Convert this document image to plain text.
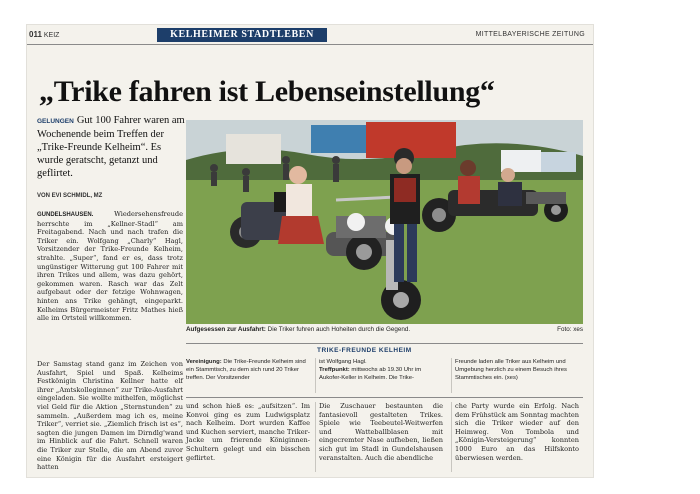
011 KEIZ	KELHEIMER STADTLEBEN	MITTELBAYERISCHE ZEITUNG
„Trike fahren ist Lebenseinstellung“
GELUNGEN Gut 100 Fahrer waren am Wochenende beim Treffen der „Trike-Freunde Kelheim“. Es wurde geratscht, getanzt und geflirtet.
VON EVI SCHMIDL, MZ
GUNDELSHAUSEN.	Wiedersehensfreude herrschte im „Kellner-Stadl“ am Freitagabend. Nach und nach trafen die Triker ein. Wolfgang „Charly“ Hagl, Vorsitzender der Trike-Freunde Kelheim, strahlte. „Super“, fand er es, dass trotz ungünstiger Witterung gut 100 Fahrer mit ihren Trikes und allem, was dazu gehört, gekommen waren. Rasch war das Zelt aufgebaut oder der fetzige Wohnwagen, hinten ans Trike gehängt, eingeparkt. Kelheims Bürgermeister Fritz Mathes hieß alle im Ortsteil willkommen.
Der Samstag stand ganz im Zeichen von Ausfahrt, Spiel und Spaß. Kelheims Festkönigin Christina Kellner hatte elf ihrer „Amtskolleginnen“ zur Trike-Ausfahrt eingeladen. Sie wollte mithelfen, möglichst viel Geld für die Aktion „Sternstunden“ zu sammeln. „Außerdem mag ich es, meine Triker“, verriet sie. „Ziemlich frisch ist es“, sagten die jungen Damen im Dirndlg'wand im Hinblick auf die Fahrt. Schnell waren die Triker zur Stelle, die am Abend zuvor eine Königin für die Ausfahrt ersteigert hatten
Aufgesessen zur Ausfahrt: Die Triker fuhren auch Hoheiten durch die Gegend.	Foto: xes
TRIKE-FREUNDE KELHEIM
Vereinigung: Die Trike-Freunde Kelheim sind ein Stammtisch, zu dem sich rund 20 Triker treffen. Der Vorsitzender
ist Wolfgang Hagl.
Treffpunkt: mittwochs ab 19.30 Uhr im Aukofer-Keller in Kelheim. Die Trike-
Freunde laden alle Triker aus Kelheim und Umgebung herzlich zu einem Besuch ihres Stammtisches ein. (xes)
und schon hieß es: „aufsitzen“. Im Konvoi ging es zum Ludwigsplatz nach Kelheim. Dort wurden Kaffee und Kuchen serviert, manche Triker-Jacke um frierende Königinnen-Schultern gelegt und ein bisschen geflirtet.
Die Zuschauer bestaunten die fantasievoll gestalteten Trikes. Spiele wie Teebeutel-Weitwerfen und Watteballblasen mit eingecremter Nase aufheben, ließen sich gut im Stadl in Gundelshausen veranstalten. Auch die abendliche
che Party wurde ein Erfolg. Nach dem Frühstück am Sonntag machten sich die Triker wieder auf den Heimweg. Von Tombola und „Königin-Versteigerung“ konnten 1000 Euro an das Hilfskonto überwiesen werden.
